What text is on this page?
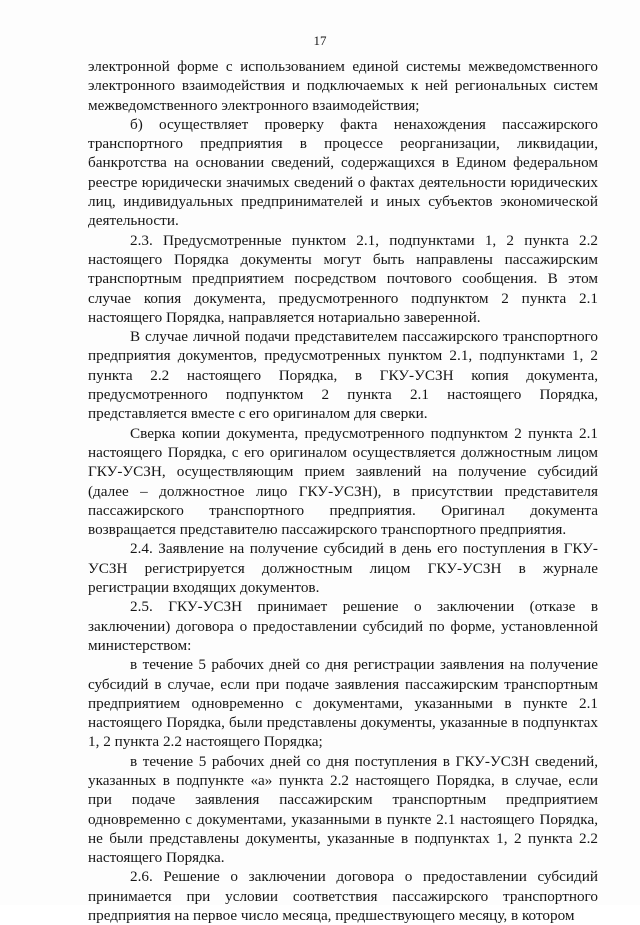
17

электронной форме с использованием единой системы межведомственного электронного взаимодействия и подключаемых к ней региональных систем межведомственного электронного взаимодействия;

б) осуществляет проверку факта ненахождения пассажирского транспортного предприятия в процессе реорганизации, ликвидации, банкротства на основании сведений, содержащихся в Едином федеральном реестре юридически значимых сведений о фактах деятельности юридических лиц, индивидуальных предпринимателей и иных субъектов экономической деятельности.

2.3. Предусмотренные пунктом 2.1, подпунктами 1, 2 пункта 2.2 настоящего Порядка документы могут быть направлены пассажирским транспортным предприятием посредством почтового сообщения. В этом случае копия документа, предусмотренного подпунктом 2 пункта 2.1 настоящего Порядка, направляется нотариально заверенной.

В случае личной подачи представителем пассажирского транспортного предприятия документов, предусмотренных пунктом 2.1, подпунктами 1, 2 пункта 2.2 настоящего Порядка, в ГКУ-УСЗН копия документа, предусмотренного подпунктом 2 пункта 2.1 настоящего Порядка, представляется вместе с его оригиналом для сверки.

Сверка копии документа, предусмотренного подпунктом 2 пункта 2.1 настоящего Порядка, с его оригиналом осуществляется должностным лицом ГКУ-УСЗН, осуществляющим прием заявлений на получение субсидий (далее – должностное лицо ГКУ-УСЗН), в присутствии представителя пассажирского транспортного предприятия. Оригинал документа возвращается представителю пассажирского транспортного предприятия.

2.4. Заявление на получение субсидий в день его поступления в ГКУ-УСЗН регистрируется должностным лицом ГКУ-УСЗН в журнале регистрации входящих документов.

2.5. ГКУ-УСЗН принимает решение о заключении (отказе в заключении) договора о предоставлении субсидий по форме, установленной министерством:

в течение 5 рабочих дней со дня регистрации заявления на получение субсидий в случае, если при подаче заявления пассажирским транспортным предприятием одновременно с документами, указанными в пункте 2.1 настоящего Порядка, были представлены документы, указанные в подпунктах 1, 2 пункта 2.2 настоящего Порядка;

в течение 5 рабочих дней со дня поступления в ГКУ-УСЗН сведений, указанных в подпункте «а» пункта 2.2 настоящего Порядка, в случае, если при подаче заявления пассажирским транспортным предприятием одновременно с документами, указанными в пункте 2.1 настоящего Порядка, не были представлены документы, указанные в подпунктах 1, 2 пункта 2.2 настоящего Порядка.

2.6. Решение о заключении договора о предоставлении субсидий принимается при условии соответствия пассажирского транспортного предприятия на первое число месяца, предшествующего месяцу, в котором
